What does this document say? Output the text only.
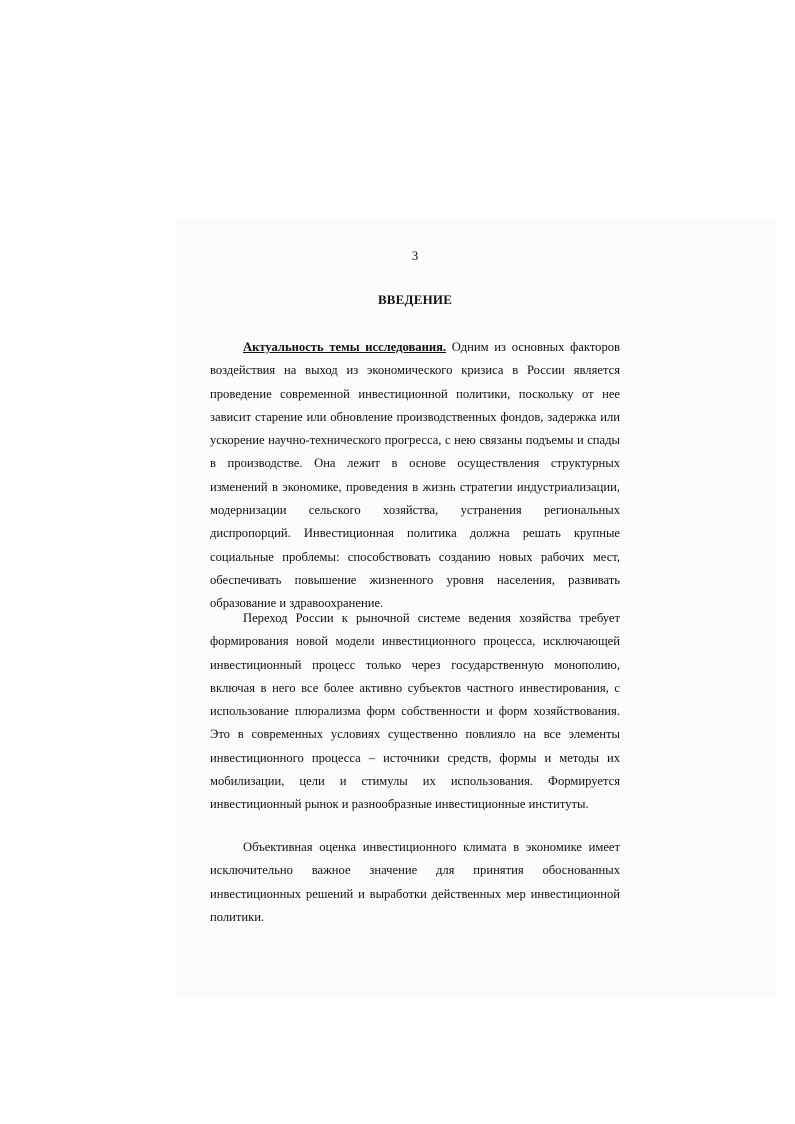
3

ВВЕДЕНИЕ

Актуальность темы исследования. Одним из основных факторов воздействия на выход из экономического кризиса в России является проведение современной инвестиционной политики, поскольку от нее зависит старение или обновление производственных фондов, задержка или ускорение научно-технического прогресса, с нею связаны подъемы и спады в производстве. Она лежит в основе осуществления структурных изменений в экономике, проведения в жизнь стратегии индустриализации, модернизации сельского хозяйства, устранения региональных диспропорций. Инвестиционная политика должна решать крупные социальные проблемы: способствовать созданию новых рабочих мест, обеспечивать повышение жизненного уровня населения, развивать образование и здравоохранение.

Переход России к рыночной системе ведения хозяйства требует формирования новой модели инвестиционного процесса, исключающей инвестиционный процесс только через государственную монополию, включая в него все более активно субъектов частного инвестирования, с использование плюрализма форм собственности и форм хозяйствования. Это в современных условиях существенно повлияло на все элементы инвестиционного процесса – источники средств, формы и методы их мобилизации, цели и стимулы их использования. Формируется инвестиционный рынок и разнообразные инвестиционные институты.

Объективная оценка инвестиционного климата в экономике имеет исключительно важное значение для принятия обоснованных инвестиционных решений и выработки действенных мер инвестиционной политики.
